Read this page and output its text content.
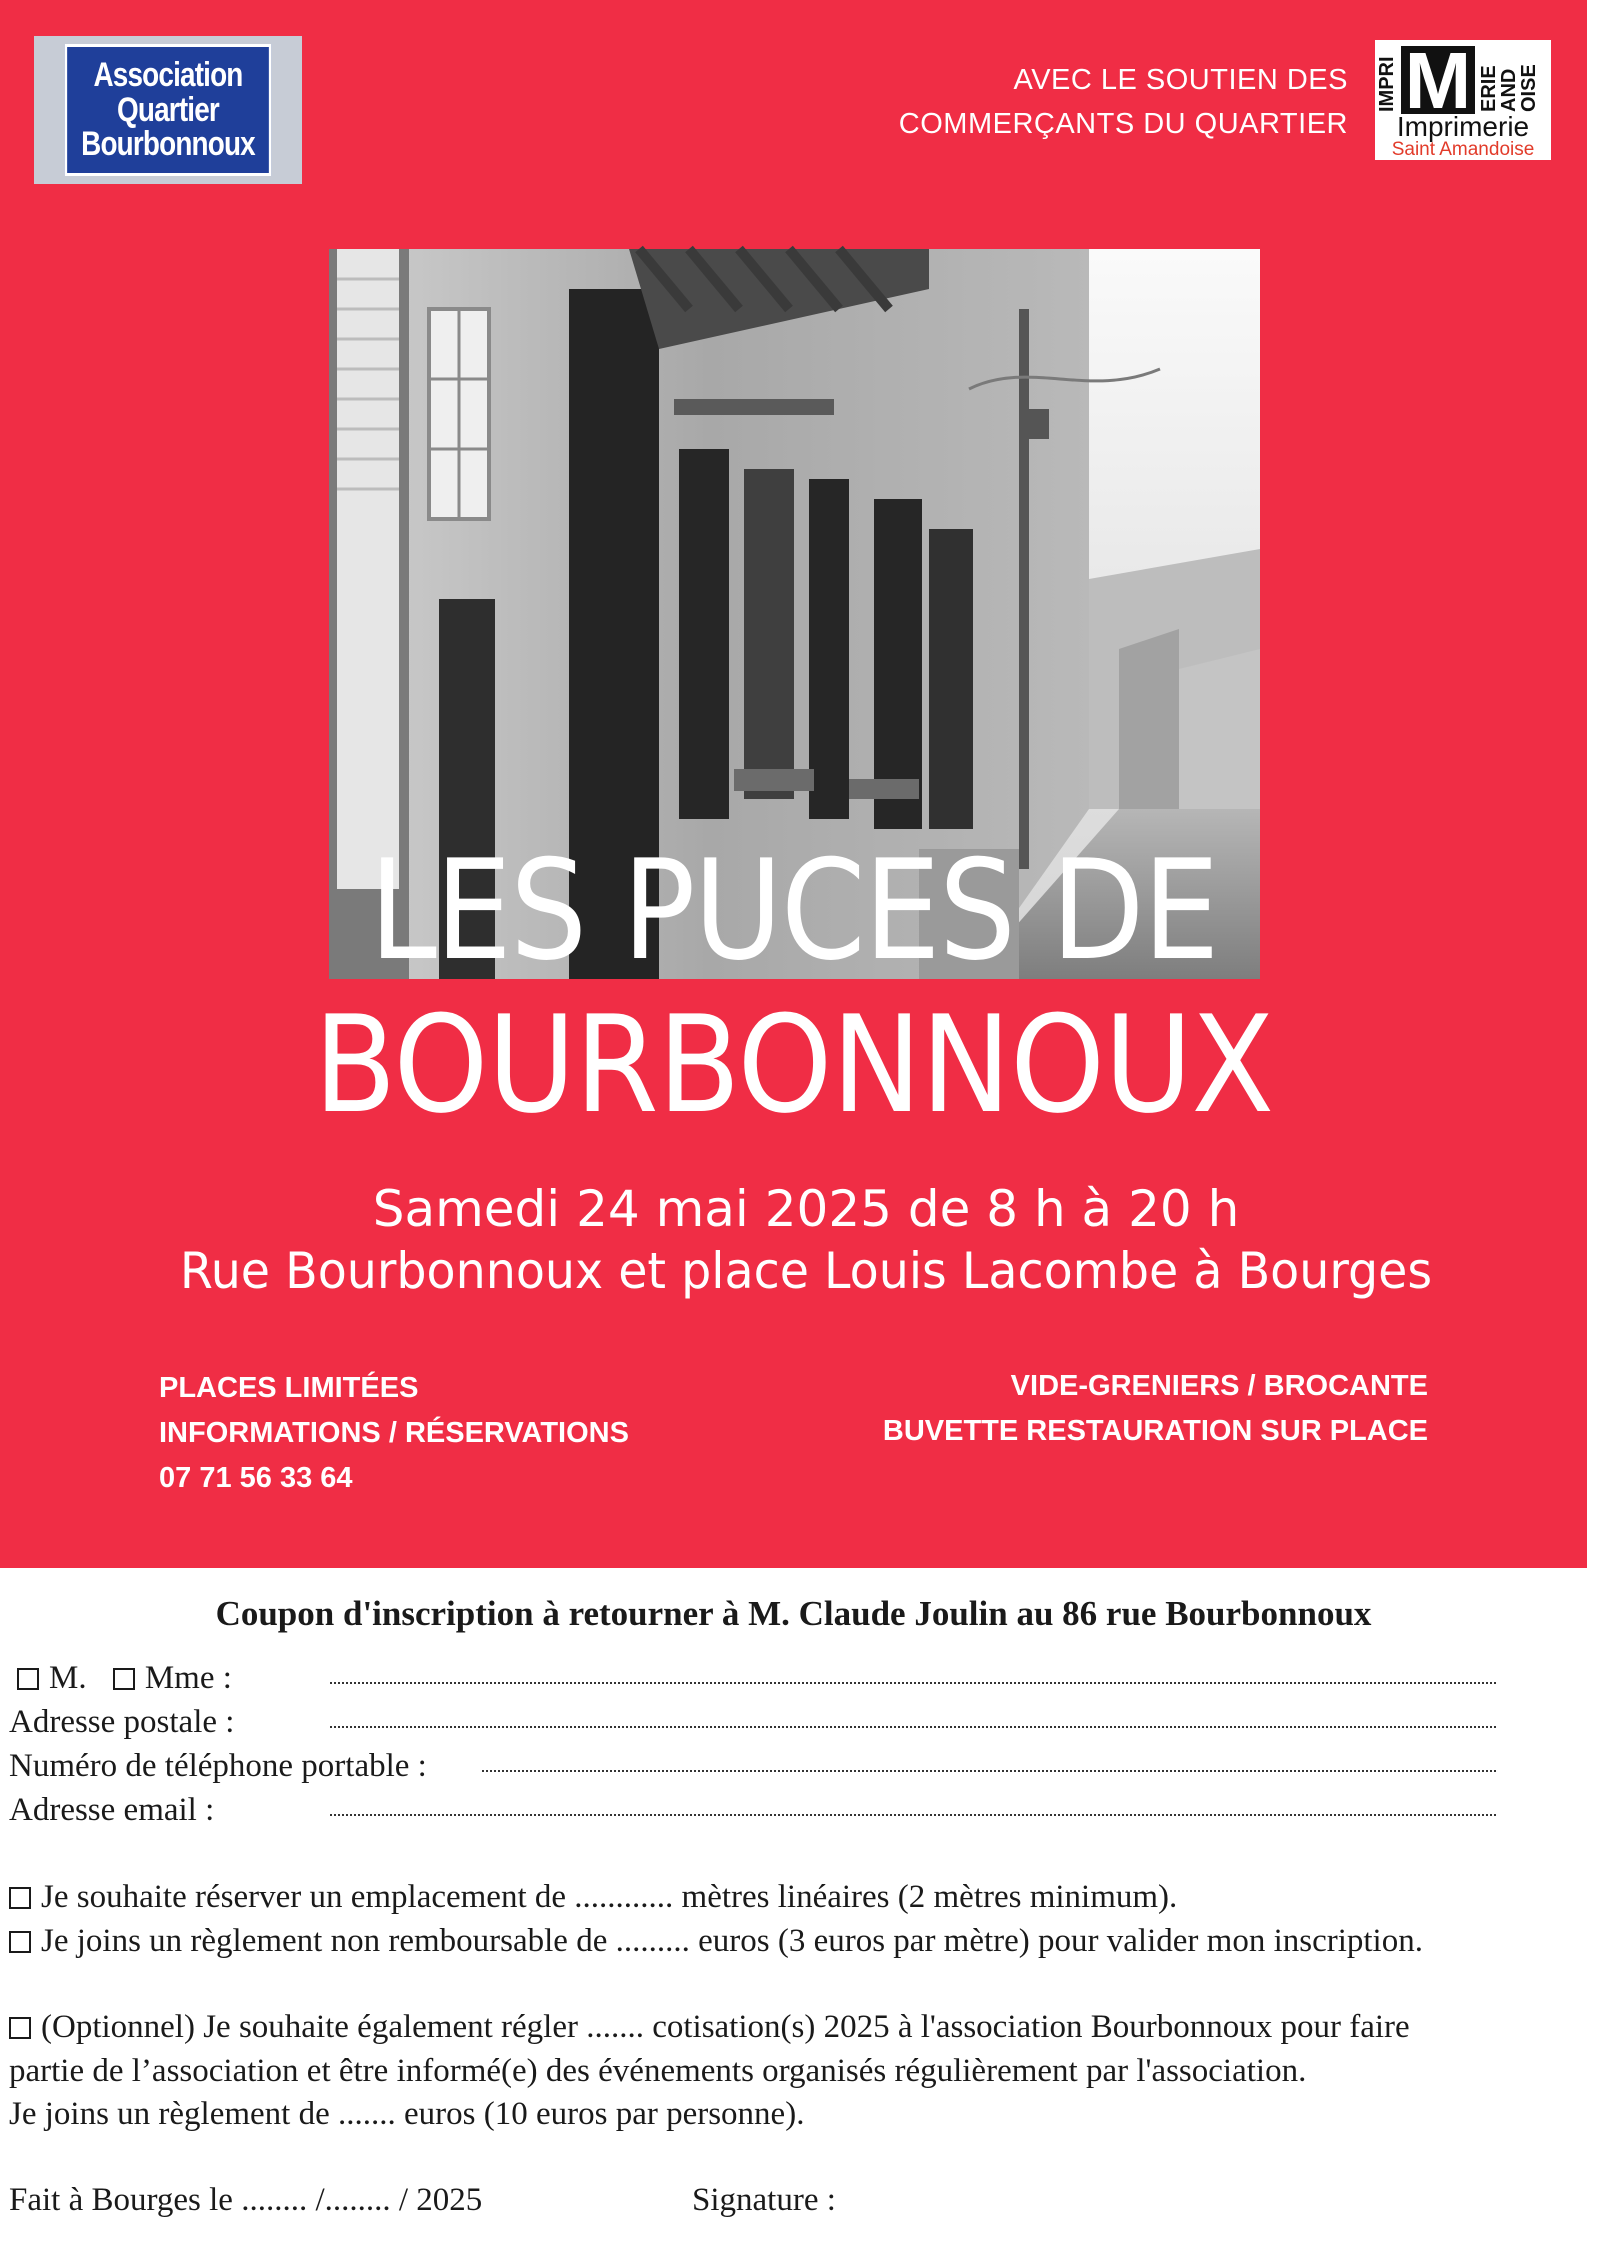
Association
Quartier
Bourbonnoux
AVEC LE SOUTIEN DES
COMMERÇANTS DU QUARTIER
IMPRI M ERIE
AND
OISE
Imprimerie
Saint Amandoise
LES PUCES DE
BOURBONNOUX
Samedi 24 mai 2025 de 8 h à 20 h
Rue Bourbonnoux et place Louis Lacombe à Bourges
PLACES LIMITÉES
INFORMATIONS / RÉSERVATIONS
07 71 56 33 64
VIDE-GRENIERS / BROCANTE
BUVETTE RESTAURATION SUR PLACE
Coupon d'inscription à retourner à M. Claude Joulin au 86 rue Bourbonnoux
M. Mme :
Adresse postale :
Numéro de téléphone portable :
Adresse email :
Je souhaite réserver un emplacement de ............ mètres linéaires (2 mètres minimum).
Je joins un règlement non remboursable de ......... euros (3 euros par mètre) pour valider mon inscription.
(Optionnel) Je souhaite également régler ....... cotisation(s) 2025 à l'association Bourbonnoux pour faire
partie de l’association et être informé(e) des événements organisés régulièrement par l'association.
Je joins un règlement de ....... euros (10 euros par personne).
Fait à Bourges le ........ /........ / 2025	Signature :
